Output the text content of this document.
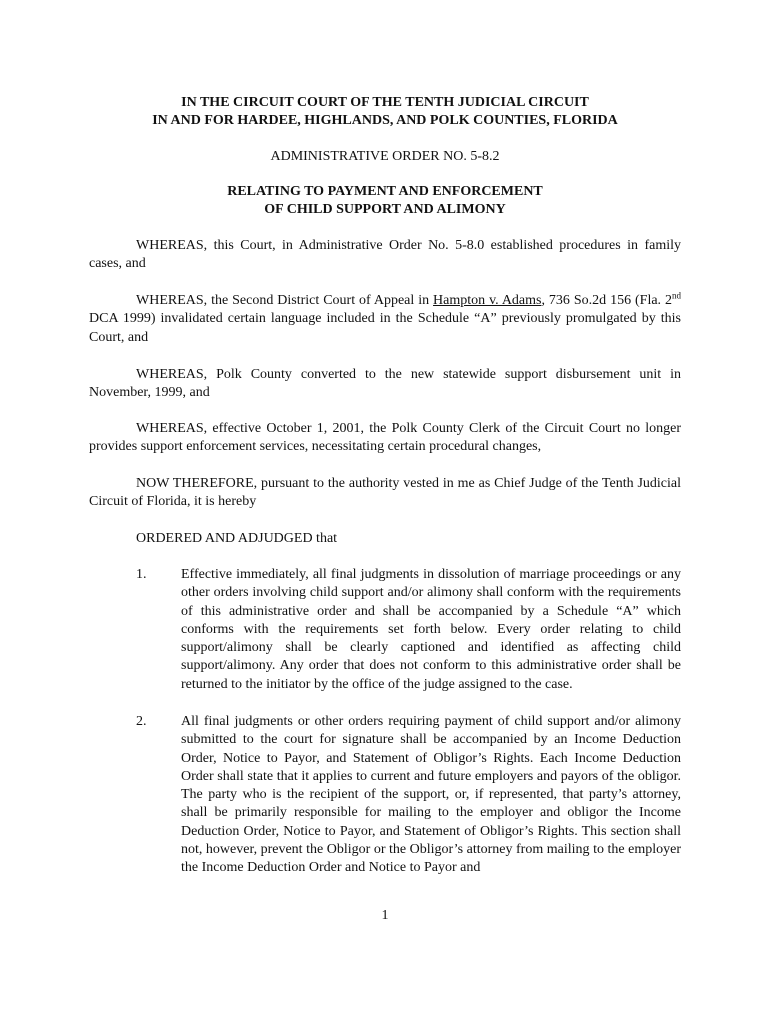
IN THE CIRCUIT COURT OF THE TENTH JUDICIAL CIRCUIT
IN AND FOR HARDEE, HIGHLANDS, AND POLK COUNTIES, FLORIDA
ADMINISTRATIVE ORDER NO. 5-8.2
RELATING TO PAYMENT AND ENFORCEMENT
OF CHILD SUPPORT AND ALIMONY
WHEREAS, this Court, in Administrative Order No. 5-8.0 established procedures in family cases, and
WHEREAS, the Second District Court of Appeal in Hampton v. Adams, 736 So.2d 156 (Fla. 2nd DCA 1999) invalidated certain language included in the Schedule “A” previously promulgated by this Court, and
WHEREAS, Polk County converted to the new statewide support disbursement unit in November, 1999, and
WHEREAS, effective October 1, 2001, the Polk County Clerk of the Circuit Court no longer provides support enforcement services, necessitating certain procedural changes,
NOW THEREFORE, pursuant to the authority vested in me as Chief Judge of the Tenth Judicial Circuit of Florida, it is hereby
ORDERED AND ADJUDGED that
1. Effective immediately, all final judgments in dissolution of marriage proceedings or any other orders involving child support and/or alimony shall conform with the requirements of this administrative order and shall be accompanied by a Schedule “A” which conforms with the requirements set forth below. Every order relating to child support/alimony shall be clearly captioned and identified as affecting child support/alimony. Any order that does not conform to this administrative order shall be returned to the initiator by the office of the judge assigned to the case.
2. All final judgments or other orders requiring payment of child support and/or alimony submitted to the court for signature shall be accompanied by an Income Deduction Order, Notice to Payor, and Statement of Obligor’s Rights. Each Income Deduction Order shall state that it applies to current and future employers and payors of the obligor. The party who is the recipient of the support, or, if represented, that party’s attorney, shall be primarily responsible for mailing to the employer and obligor the Income Deduction Order, Notice to Payor, and Statement of Obligor’s Rights. This section shall not, however, prevent the Obligor or the Obligor’s attorney from mailing to the employer the Income Deduction Order and Notice to Payor and
1
